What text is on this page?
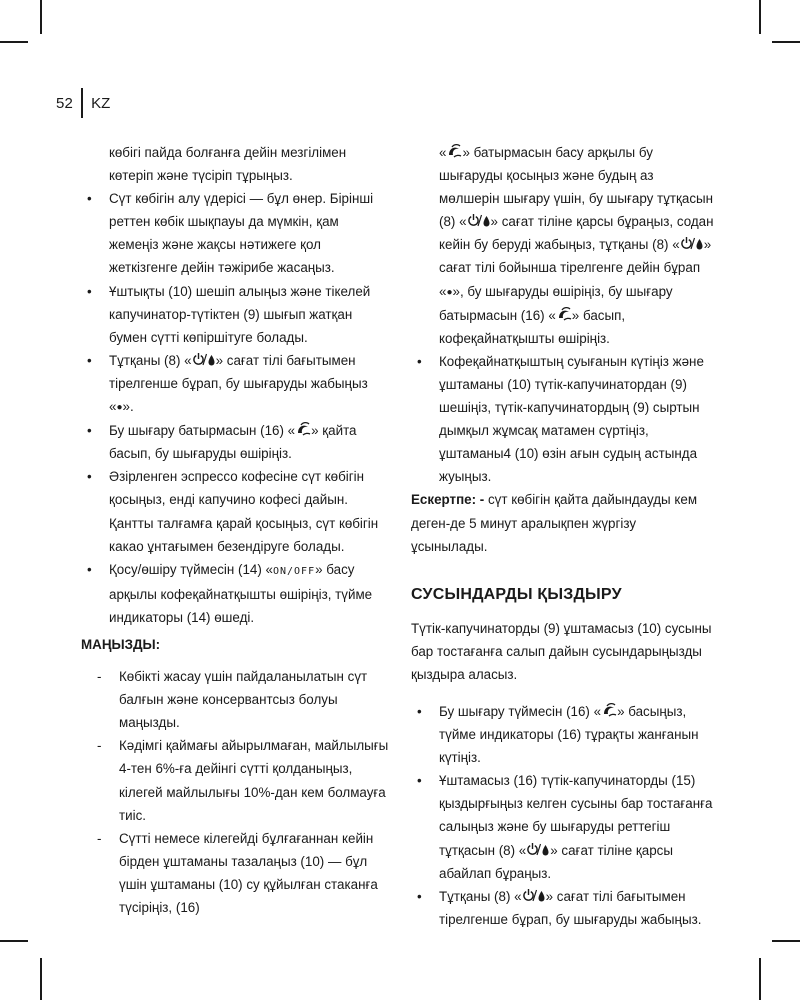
52	KZ

көбігі пайда болғанға дейін мезгілімен көтеріп және түсіріп тұрыңыз.

• Сүт көбігін алу үдерісі — бұл өнер. Бірінші реттен көбік шықпауы да мүмкін, қам жемеңіз және жақсы нәтижеге қол жеткізгенге дейін тәжірибе жасаңыз.
• Ұштықты (10) шешіп алыңыз және тікелей капучинатор-түтіктен (9) шығып жатқан бумен сүтті көпіршітуге болады.
• Тұтқаны (8) « » сағат тілі бағытымен тірелгенше бұрап, бу шығаруды жабыңыз «●».
• Бу шығару батырмасын (16) « » қайта басып, бу шығаруды өшіріңіз.
• Әзірленген эспрессо кофесіне сүт көбігін қосыңыз, енді капучино кофесі дайын. Қантты талғамға қарай қосыңыз, сүт көбігін какао ұнтағымен безендіруге болады.
• Қосу/өшіру түймесін (14) «ON/OFF» басу арқылы кофеқайнатқышты өшіріңіз, түйме индикаторы (14) өшеді.

МАҢЫЗДЫ:

- Көбікті жасау үшін пайдаланылатын сүт балғын және консервантсыз болуы маңызды.
- Кәдімгі қаймағы айырылмаған, майлылығы 4-тен 6%-ға дейінгі сүтті қолданыңыз, кілегей майлылығы 10%-дан кем болмауға тиіс.
- Сүтті немесе кілегейді бұлғағаннан кейін бірден ұштаманы тазалаңыз (10) — бұл үшін ұштаманы (10) су құйылған стаканға түсіріңіз, (16)

« » батырмасын басу арқылы бу шығаруды қосыңыз және будың аз мөлшерін шығару үшін, бу шығару тұтқасын (8) « » сағат тіліне қарсы бұраңыз, содан кейін бу беруді жабыңыз, тұтқаны (8) « » сағат тілі бойынша тірелгенге дейін бұрап «●», бу шығаруды өшіріңіз, бу шығару батырмасын (16) « » басып, кофеқайнатқышты өшіріңіз.

• Кофеқайнатқыштың суығанын күтіңіз және ұштаманы (10) түтік-капучинатордан (9) шешіңіз, түтік-капучинатордың (9) сыртын дымқыл жұмсақ матамен сүртіңіз, ұштаманы4 (10) өзін ағын судың астында жуыңыз.

Ескертпе: - сүт көбігін қайта дайындауды кем деген-де 5 минут аралықпен жүргізу ұсынылады.

СУСЫНДАРДЫ ҚЫЗДЫРУ

Түтік-капучинаторды (9) ұштамасыз (10) сусыны бар тостағанға салып дайын сусындарыңызды қыздыра аласыз.

• Бу шығару түймесін (16) « » басыңыз, түйме индикаторы (16) тұрақты жанғанын күтіңіз.
• Ұштамасыз (16) түтік-капучинаторды (15) қыздырғыңыз келген сусыны бар тостағанға салыңыз және бу шығаруды реттегіш тұтқасын (8) « » сағат тіліне қарсы абайлап бұраңыз.
• Тұтқаны (8) « » сағат тілі бағытымен тірелгенше бұрап, бу шығаруды жабыңыз.
